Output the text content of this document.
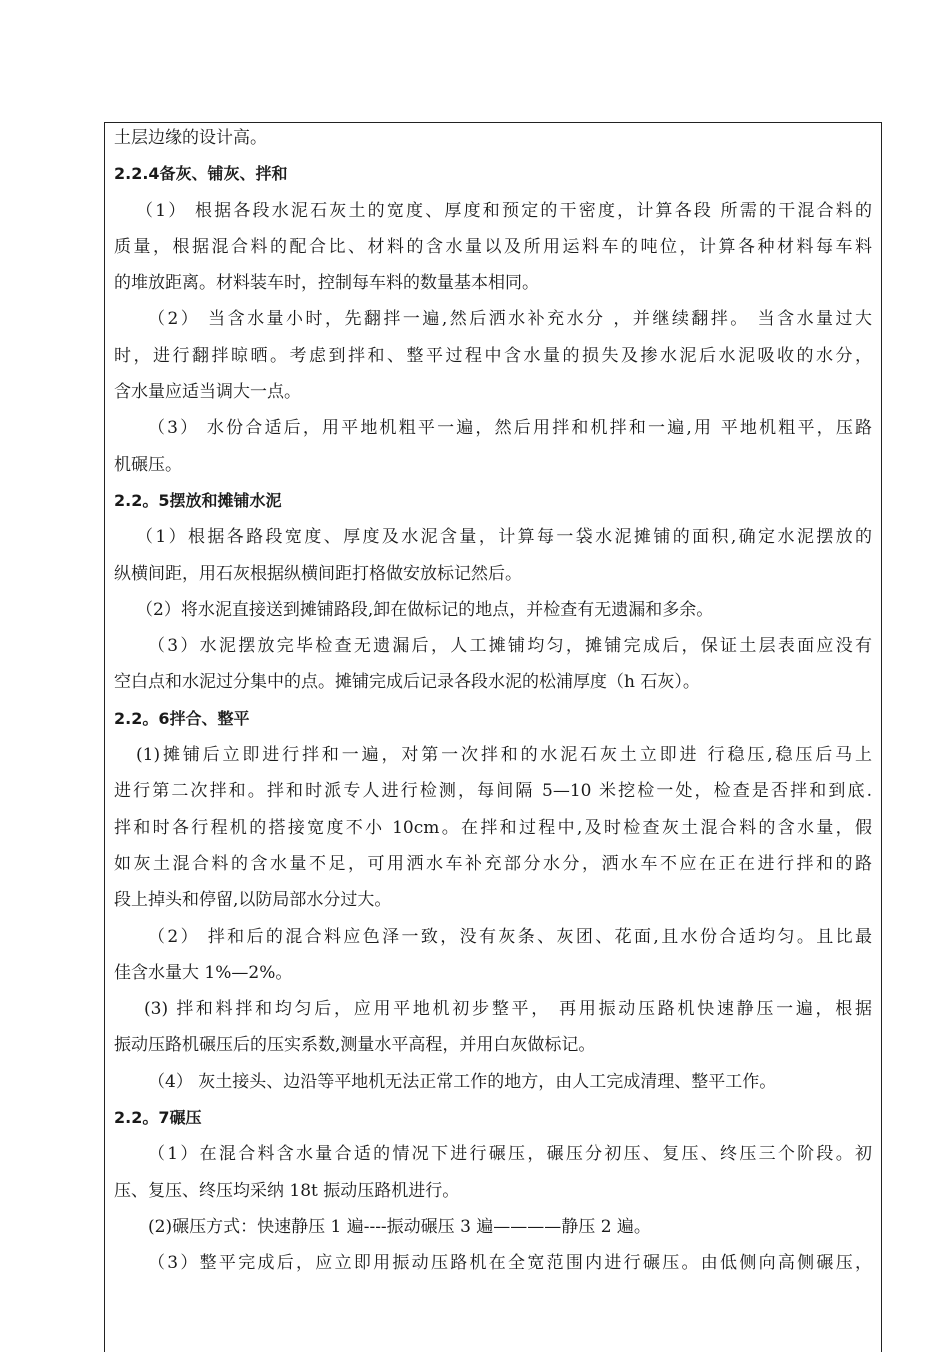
土层边缘的设计高。
2.2.4备灰、铺灰、拌和
（1） 根据各段水泥石灰土的宽度、厚度和预定的干密度，计算各段 所需的干混合料的
质量，根据混合料的配合比、材料的含水量以及所用运料车的吨位，计算各种材料每车料
的堆放距离。材料装车时，控制每车料的数量基本相同。
（2） 当含水量小时，先翻拌一遍,然后洒水补充水分 ，并继续翻拌。 当含水量过大
时，进行翻拌晾晒。考虑到拌和、整平过程中含水量的损失及掺水泥后水泥吸收的水分，
含水量应适当调大一点。
（3） 水份合适后，用平地机粗平一遍，然后用拌和机拌和一遍,用 平地机粗平，压路
机碾压。
2.2。5摆放和摊铺水泥
（1）根据各路段宽度、厚度及水泥含量，计算每一袋水泥摊铺的面积,确定水泥摆放的
纵横间距，用石灰根据纵横间距打格做安放标记然后。
（2）将水泥直接送到摊铺路段,卸在做标记的地点，并检查有无遗漏和多余。
（3）水泥摆放完毕检查无遗漏后，人工摊铺均匀，摊铺完成后，保证土层表面应没有
空白点和水泥过分集中的点。摊铺完成后记录各段水泥的松浦厚度（h 石灰）。
2.2。6拌合、整平
(1)摊铺后立即进行拌和一遍，对第一次拌和的水泥石灰土立即进 行稳压,稳压后马上
进行第二次拌和。拌和时派专人进行检测，每间隔 5—10 米挖检一处，检查是否拌和到底.
拌和时各行程机的搭接宽度不小 10cm。在拌和过程中,及时检查灰土混合料的含水量，假
如灰土混合料的含水量不足，可用洒水车补充部分水分，洒水车不应在正在进行拌和的路
段上掉头和停留,以防局部水分过大。
（2） 拌和后的混合料应色泽一致，没有灰条、灰团、花面,且水份合适均匀。且比最
佳含水量大 1%—2%。
(3) 拌和料拌和均匀后，应用平地机初步整平， 再用振动压路机快速静压一遍，根据
振动压路机碾压后的压实系数,测量水平高程，并用白灰做标记。
（4） 灰土接头、边沿等平地机无法正常工作的地方，由人工完成清理、整平工作。
2.2。7碾压
（1）在混合料含水量合适的情况下进行碾压，碾压分初压、复压、终压三个阶段。初
压、复压、终压均采纳 18t 振动压路机进行。
(2)碾压方式：快速静压 1 遍----振动碾压 3 遍————静压 2 遍。
（3）整平完成后，应立即用振动压路机在全宽范围内进行碾压。由低侧向高侧碾压，
